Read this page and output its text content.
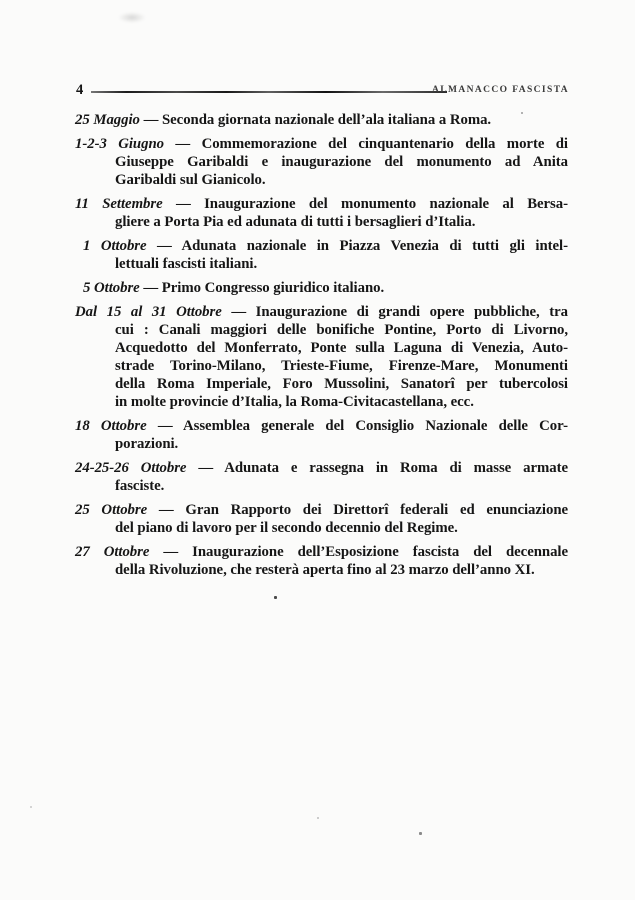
4	ALMANACCO FASCISTA

25 Maggio — Seconda giornata nazionale dell’ala italiana a Roma.

1-2-3 Giugno — Commemorazione del cinquantenario della morte di
Giuseppe Garibaldi e inaugurazione del monumento ad Anita
Garibaldi sul Gianicolo.

11 Settembre — Inaugurazione del monumento nazionale al Bersa-
gliere a Porta Pia ed adunata di tutti i bersaglieri d’Italia.

1 Ottobre — Adunata nazionale in Piazza Venezia di tutti gli intel-
lettuali fascisti italiani.

5 Ottobre — Primo Congresso giuridico italiano.

Dal 15 al 31 Ottobre — Inaugurazione di grandi opere pubbliche, tra
cui : Canali maggiori delle bonifiche Pontine, Porto di Livorno,
Acquedotto del Monferrato, Ponte sulla Laguna di Venezia, Auto-
strade Torino-Milano, Trieste-Fiume, Firenze-Mare, Monumenti
della Roma Imperiale, Foro Mussolini, Sanatorî per tubercolosi
in molte provincie d’Italia, la Roma-Civitacastellana, ecc.

18 Ottobre — Assemblea generale del Consiglio Nazionale delle Cor-
porazioni.

24-25-26 Ottobre — Adunata e rassegna in Roma di masse armate
fasciste.

25 Ottobre — Gran Rapporto dei Direttorî federali ed enunciazione
del piano di lavoro per il secondo decennio del Regime.

27 Ottobre — Inaugurazione dell’Esposizione fascista del decennale
della Rivoluzione, che resterà aperta fino al 23 marzo dell’anno XI.
